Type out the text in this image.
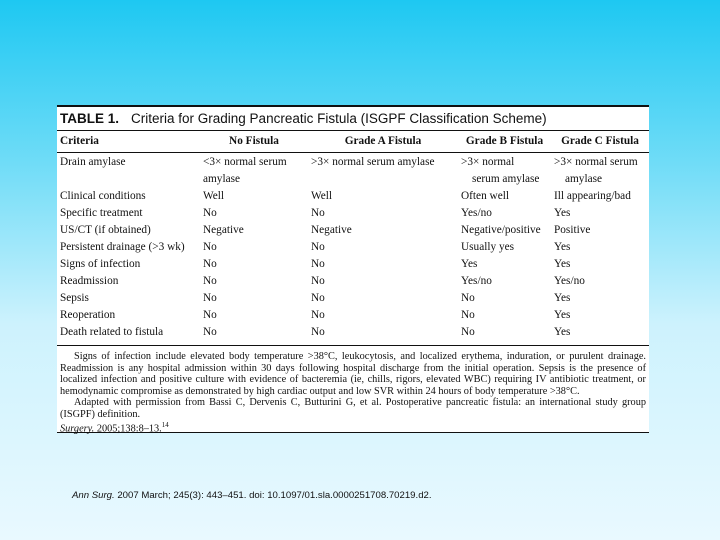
TABLE 1. Criteria for Grading Pancreatic Fistula (ISGPF Classification Scheme)
Criteria	No Fistula	Grade A Fistula	Grade B Fistula	Grade C Fistula
Drain amylase	<3× normal serum	>3× normal serum amylase	>3× normal	>3× normal serum
	amylase		serum amylase	amylase
Clinical conditions	Well	Well	Often well	Ill appearing/bad
Specific treatment	No	No	Yes/no	Yes
US/CT (if obtained)	Negative	Negative	Negative/positive	Positive
Persistent drainage (>3 wk)	No	No	Usually yes	Yes
Signs of infection	No	No	Yes	Yes
Readmission	No	No	Yes/no	Yes/no
Sepsis	No	No	No	Yes
Reoperation	No	No	No	Yes
Death related to fistula	No	No	No	Yes

Signs of infection include elevated body temperature >38°C, leukocytosis, and localized erythema, induration, or purulent drainage. Readmission is any hospital admission within 30 days following hospital discharge from the initial operation. Sepsis is the presence of localized infection and positive culture with evidence of bacteremia (ie, chills, rigors, elevated WBC) requiring IV antibiotic treatment, or hemodynamic compromise as demonstrated by high cardiac output and low SVR within 24 hours of body temperature >38°C.

Adapted with permission from Bassi C, Dervenis C, Butturini G, et al. Postoperative pancreatic fistula: an international study group (ISGPF) definition.
Surgery. 2005;138:8–13.14

Ann Surg. 2007 March; 245(3): 443–451. doi: 10.1097/01.sla.0000251708.70219.d2.
